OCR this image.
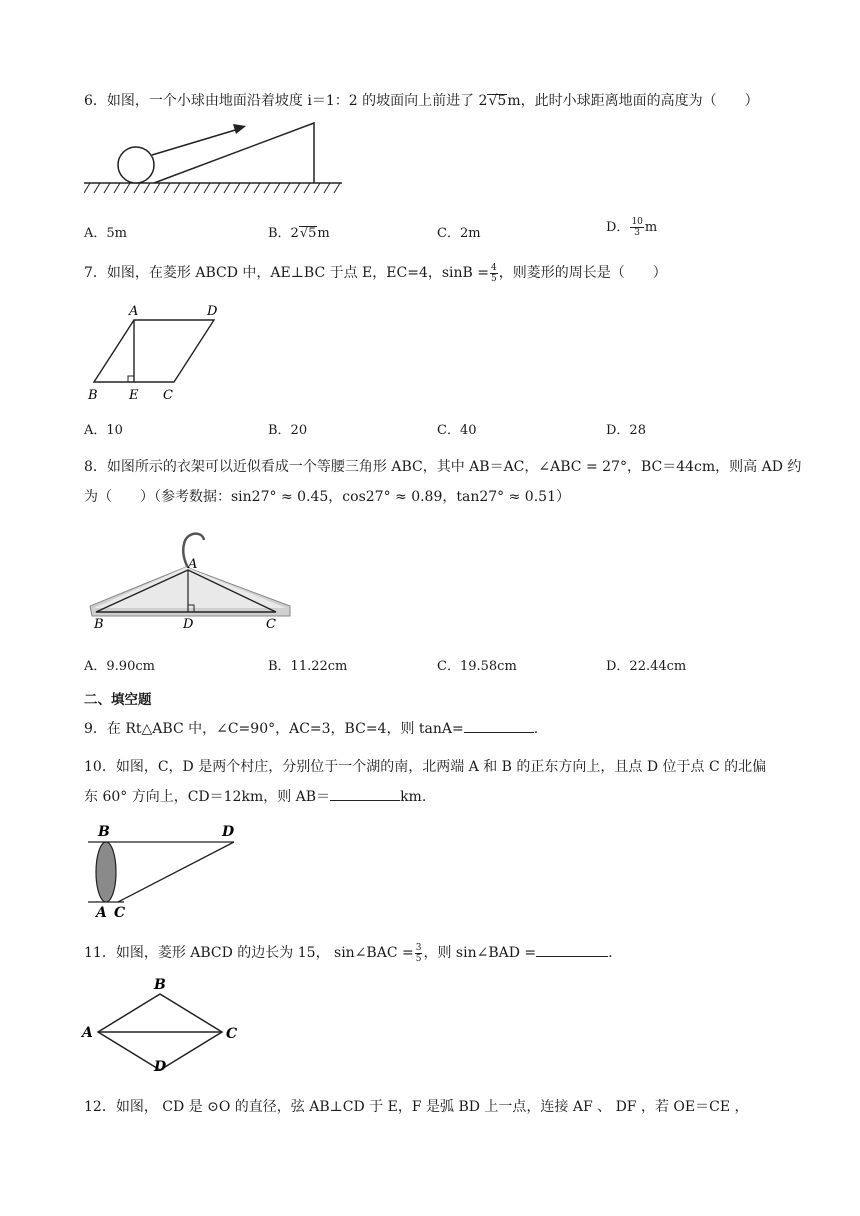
6．如图，一个小球由地面沿着坡度 i＝1：2 的坡面向上前进了 2√5m，此时小球距离地面的高度为（　　）
A．5m	B．2√5m	C．2m	D． $\frac{10}{3}$ m
7．如图，在菱形 ABCD 中，AE⊥BC 于点 E，EC=4，$\sin B = \frac{4}{5}$ ，则菱形的周长是（　　）
A	D
B E C
A．10	B．20	C．40	D．28
8．如图所示的衣架可以近似看成一个等腰三角形 ABC，其中 AB＝AC，∠ABC = 27°，BC＝44cm，则高 AD 约
为（　　）（参考数据：sin27° ≈ 0.45，cos27° ≈ 0.89，tan27° ≈ 0.51）
A
B	D	C
A．9.90cm	B．11.22cm	C．19.58cm	D．22.44cm
二、填空题
9．在 Rt△ABC 中，∠C=90°，AC=3，BC=4，则 tanA=	.
10．如图，C，D 是两个村庄，分别位于一个湖的南，北两端 A 和 B 的正东方向上，且点 D 位于点 C 的北偏
东 60° 方向上，CD＝12km，则 AB＝	km.
B	D
A C
11．如图，菱形 ABCD 的边长为 15， sin∠BAC = $\frac{3}{5}$ ，则 sin∠BAD =	.
B
A	C
D
12．如图， CD 是 ⊙O 的直径，弦 AB⊥CD 于 E，F 是弧 BD 上一点，连接 AF 、 DF ，若 OE＝CE ，
